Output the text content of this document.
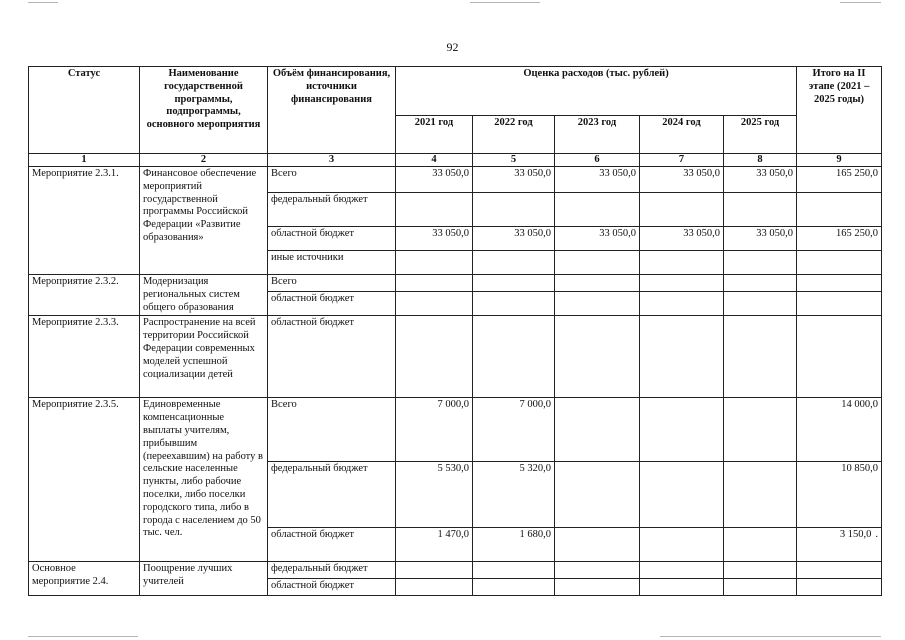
92
Статус	Наименование государственной программы, подпрограммы, основного мероприятия	Объём финансирования, источники финансирования	Оценка расходов (тыс. рублей)					Итого на II этапе (2021 – 2025 годы)
			2021 год	2022 год	2023 год	2024 год	2025 год	
1	2	3	4	5	6	7	8	9
Мероприятие 2.3.1.	Финансовое обеспечение мероприятий государственной программы Российской Федерации «Развитие образования»	Всего	33 050,0	33 050,0	33 050,0	33 050,0	33 050,0	165 250,0
		федеральный бюджет						
		областной бюджет	33 050,0	33 050,0	33 050,0	33 050,0	33 050,0	165 250,0
		иные источники						
Мероприятие 2.3.2.	Модернизация региональных систем общего образования	Всего						
		областной бюджет						
Мероприятие 2.3.3.	Распространение на всей территории Российской Федерации современных моделей успешной социализации детей	областной бюджет						
Мероприятие 2.3.5.	Единовременные компенсационные выплаты учителям, прибывшим (переехавшим) на работу в сельские населенные пункты, либо рабочие поселки, либо поселки городского типа, либо в города с населением до 50 тыс. чел.	Всего	7 000,0	7 000,0				14 000,0
		федеральный бюджет	5 530,0	5 320,0				10 850,0
		областной бюджет	1 470,0	1 680,0				3 150,0 .
Основное мероприятие 2.4.	Поощрение лучших учителей	федеральный бюджет						
		областной бюджет						
